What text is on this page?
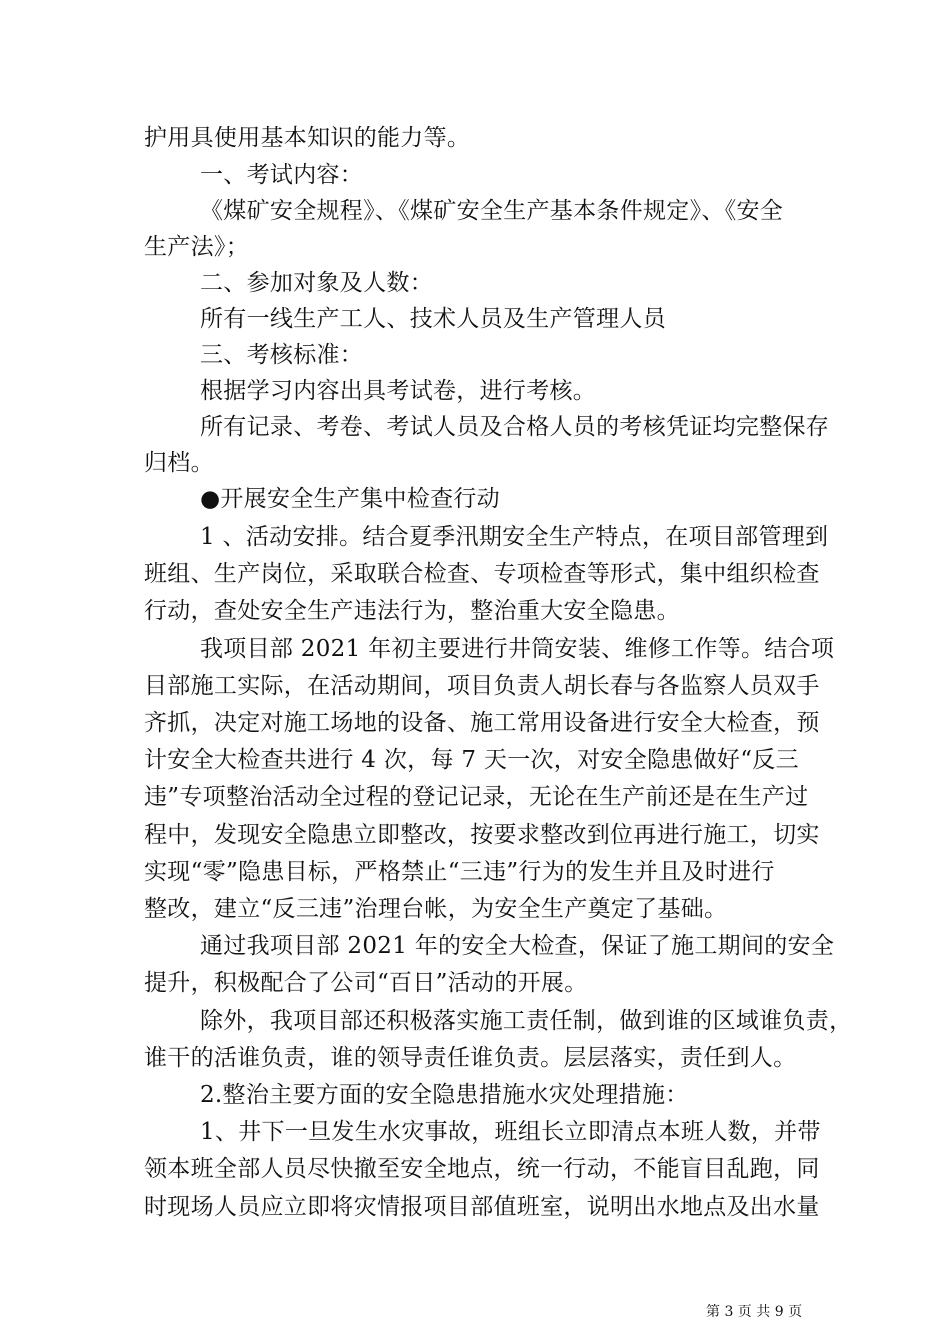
护用具使用基本知识的能力等。
一、考试内容：
《煤矿安全规程》、《煤矿安全生产基本条件规定》、《安全
生产法》；
二、参加对象及人数：
所有一线生产工人、技术人员及生产管理人员
三、考核标准：
根据学习内容出具考试卷，进行考核。
所有记录、考卷、考试人员及合格人员的考核凭证均完整保存
归档。
●开展安全生产集中检查行动
1 、活动安排。结合夏季汛期安全生产特点，在项目部管理到
班组、生产岗位，采取联合检查、专项检查等形式，集中组织检查
行动，查处安全生产违法行为，整治重大安全隐患。
我项目部 2021 年初主要进行井筒安装、维修工作等。结合项
目部施工实际，在活动期间，项目负责人胡长春与各监察人员双手
齐抓，决定对施工场地的设备、施工常用设备进行安全大检查，预
计安全大检查共进行 4 次，每 7 天一次，对安全隐患做好“反三
违”专项整治活动全过程的登记记录，无论在生产前还是在生产过
程中，发现安全隐患立即整改，按要求整改到位再进行施工，切实
实现“零”隐患目标，严格禁止“三违”行为的发生并且及时进行
整改，建立“反三违”治理台帐，为安全生产奠定了基础。
通过我项目部 2021 年的安全大检查，保证了施工期间的安全
提升，积极配合了公司“百日”活动的开展。
除外，我项目部还积极落实施工责任制，做到谁的区域谁负责，
谁干的活谁负责，谁的领导责任谁负责。层层落实，责任到人。
2.整治主要方面的安全隐患措施水灾处理措施：
1、井下一旦发生水灾事故，班组长立即清点本班人数，并带
领本班全部人员尽快撤至安全地点，统一行动，不能盲目乱跑，同
时现场人员应立即将灾情报项目部值班室，说明出水地点及出水量
第 3 页 共 9 页
